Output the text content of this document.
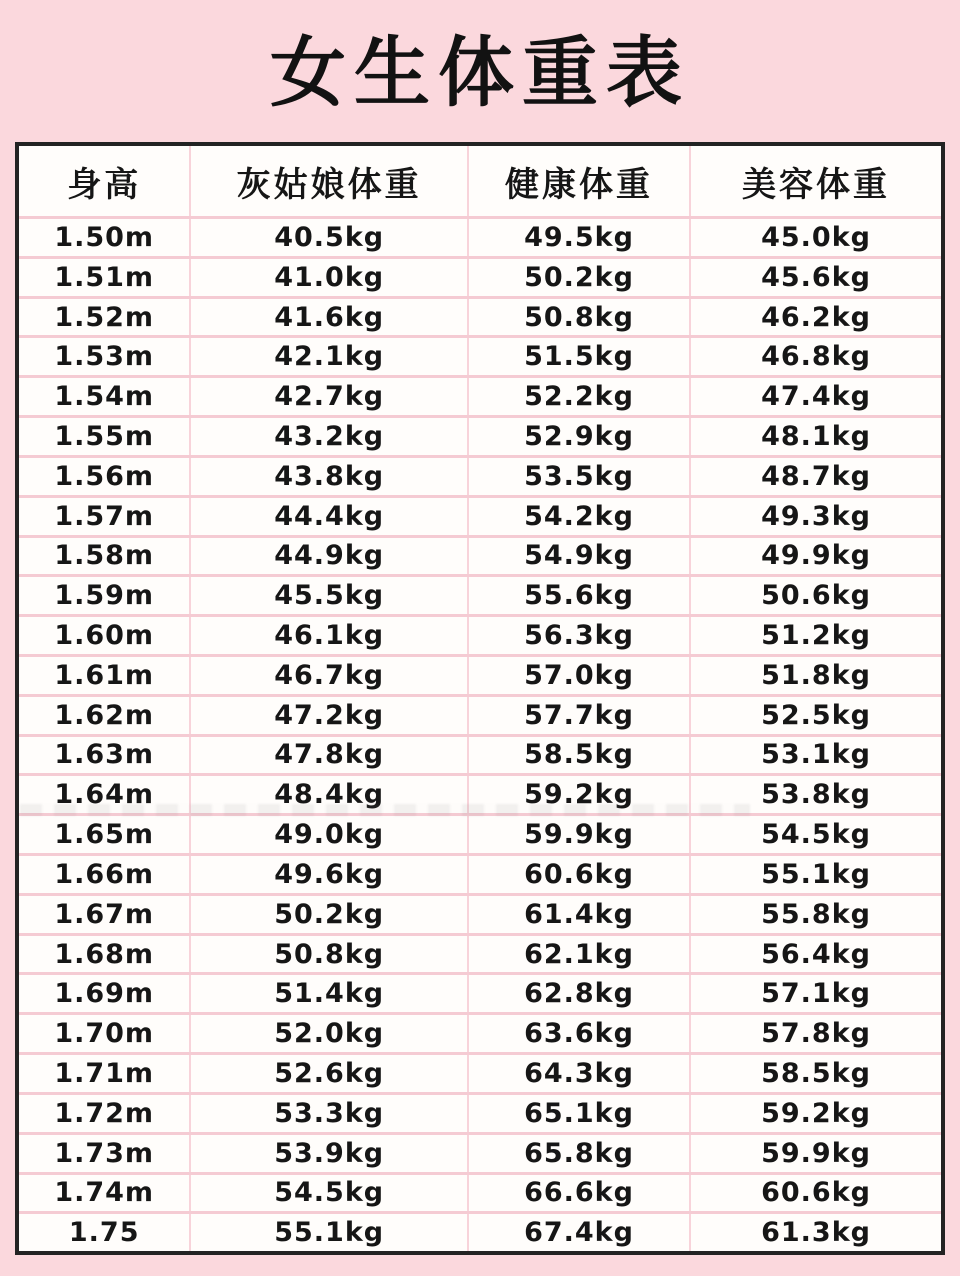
女生体重表
身高	灰姑娘体重	健康体重	美容体重
1.50m	40.5kg	49.5kg	45.0kg
1.51m	41.0kg	50.2kg	45.6kg
1.52m	41.6kg	50.8kg	46.2kg
1.53m	42.1kg	51.5kg	46.8kg
1.54m	42.7kg	52.2kg	47.4kg
1.55m	43.2kg	52.9kg	48.1kg
1.56m	43.8kg	53.5kg	48.7kg
1.57m	44.4kg	54.2kg	49.3kg
1.58m	44.9kg	54.9kg	49.9kg
1.59m	45.5kg	55.6kg	50.6kg
1.60m	46.1kg	56.3kg	51.2kg
1.61m	46.7kg	57.0kg	51.8kg
1.62m	47.2kg	57.7kg	52.5kg
1.63m	47.8kg	58.5kg	53.1kg
1.64m	48.4kg	59.2kg	53.8kg
1.65m	49.0kg	59.9kg	54.5kg
1.66m	49.6kg	60.6kg	55.1kg
1.67m	50.2kg	61.4kg	55.8kg
1.68m	50.8kg	62.1kg	56.4kg
1.69m	51.4kg	62.8kg	57.1kg
1.70m	52.0kg	63.6kg	57.8kg
1.71m	52.6kg	64.3kg	58.5kg
1.72m	53.3kg	65.1kg	59.2kg
1.73m	53.9kg	65.8kg	59.9kg
1.74m	54.5kg	66.6kg	60.6kg
1.75	55.1kg	67.4kg	61.3kg
